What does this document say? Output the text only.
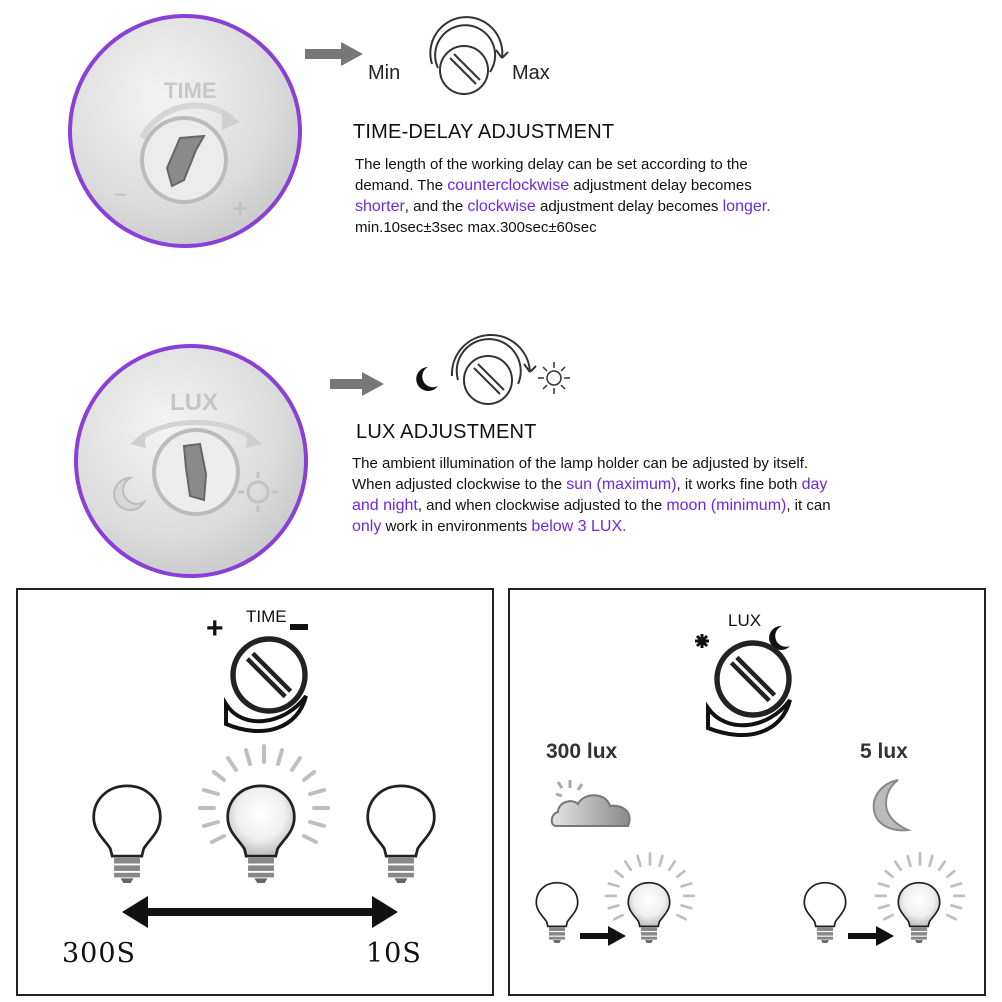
TIME
−	+
Min	Max
TIME-DELAY ADJUSTMENT
The length of the working delay can be set according to the
demand. The counterclockwise adjustment delay becomes
shorter, and the clockwise adjustment delay becomes longer.
min.10sec±3sec max.300sec±60sec
LUX
LUX ADJUSTMENT
The ambient illumination of the lamp holder can be adjusted by itself.
When adjusted clockwise to the sun (maximum), it works fine both day
and night, and when clockwise adjusted to the moon (minimum), it can
only work in environments below 3 LUX.
+ TIME
300S	10S
LUX
300 lux	5 lux
